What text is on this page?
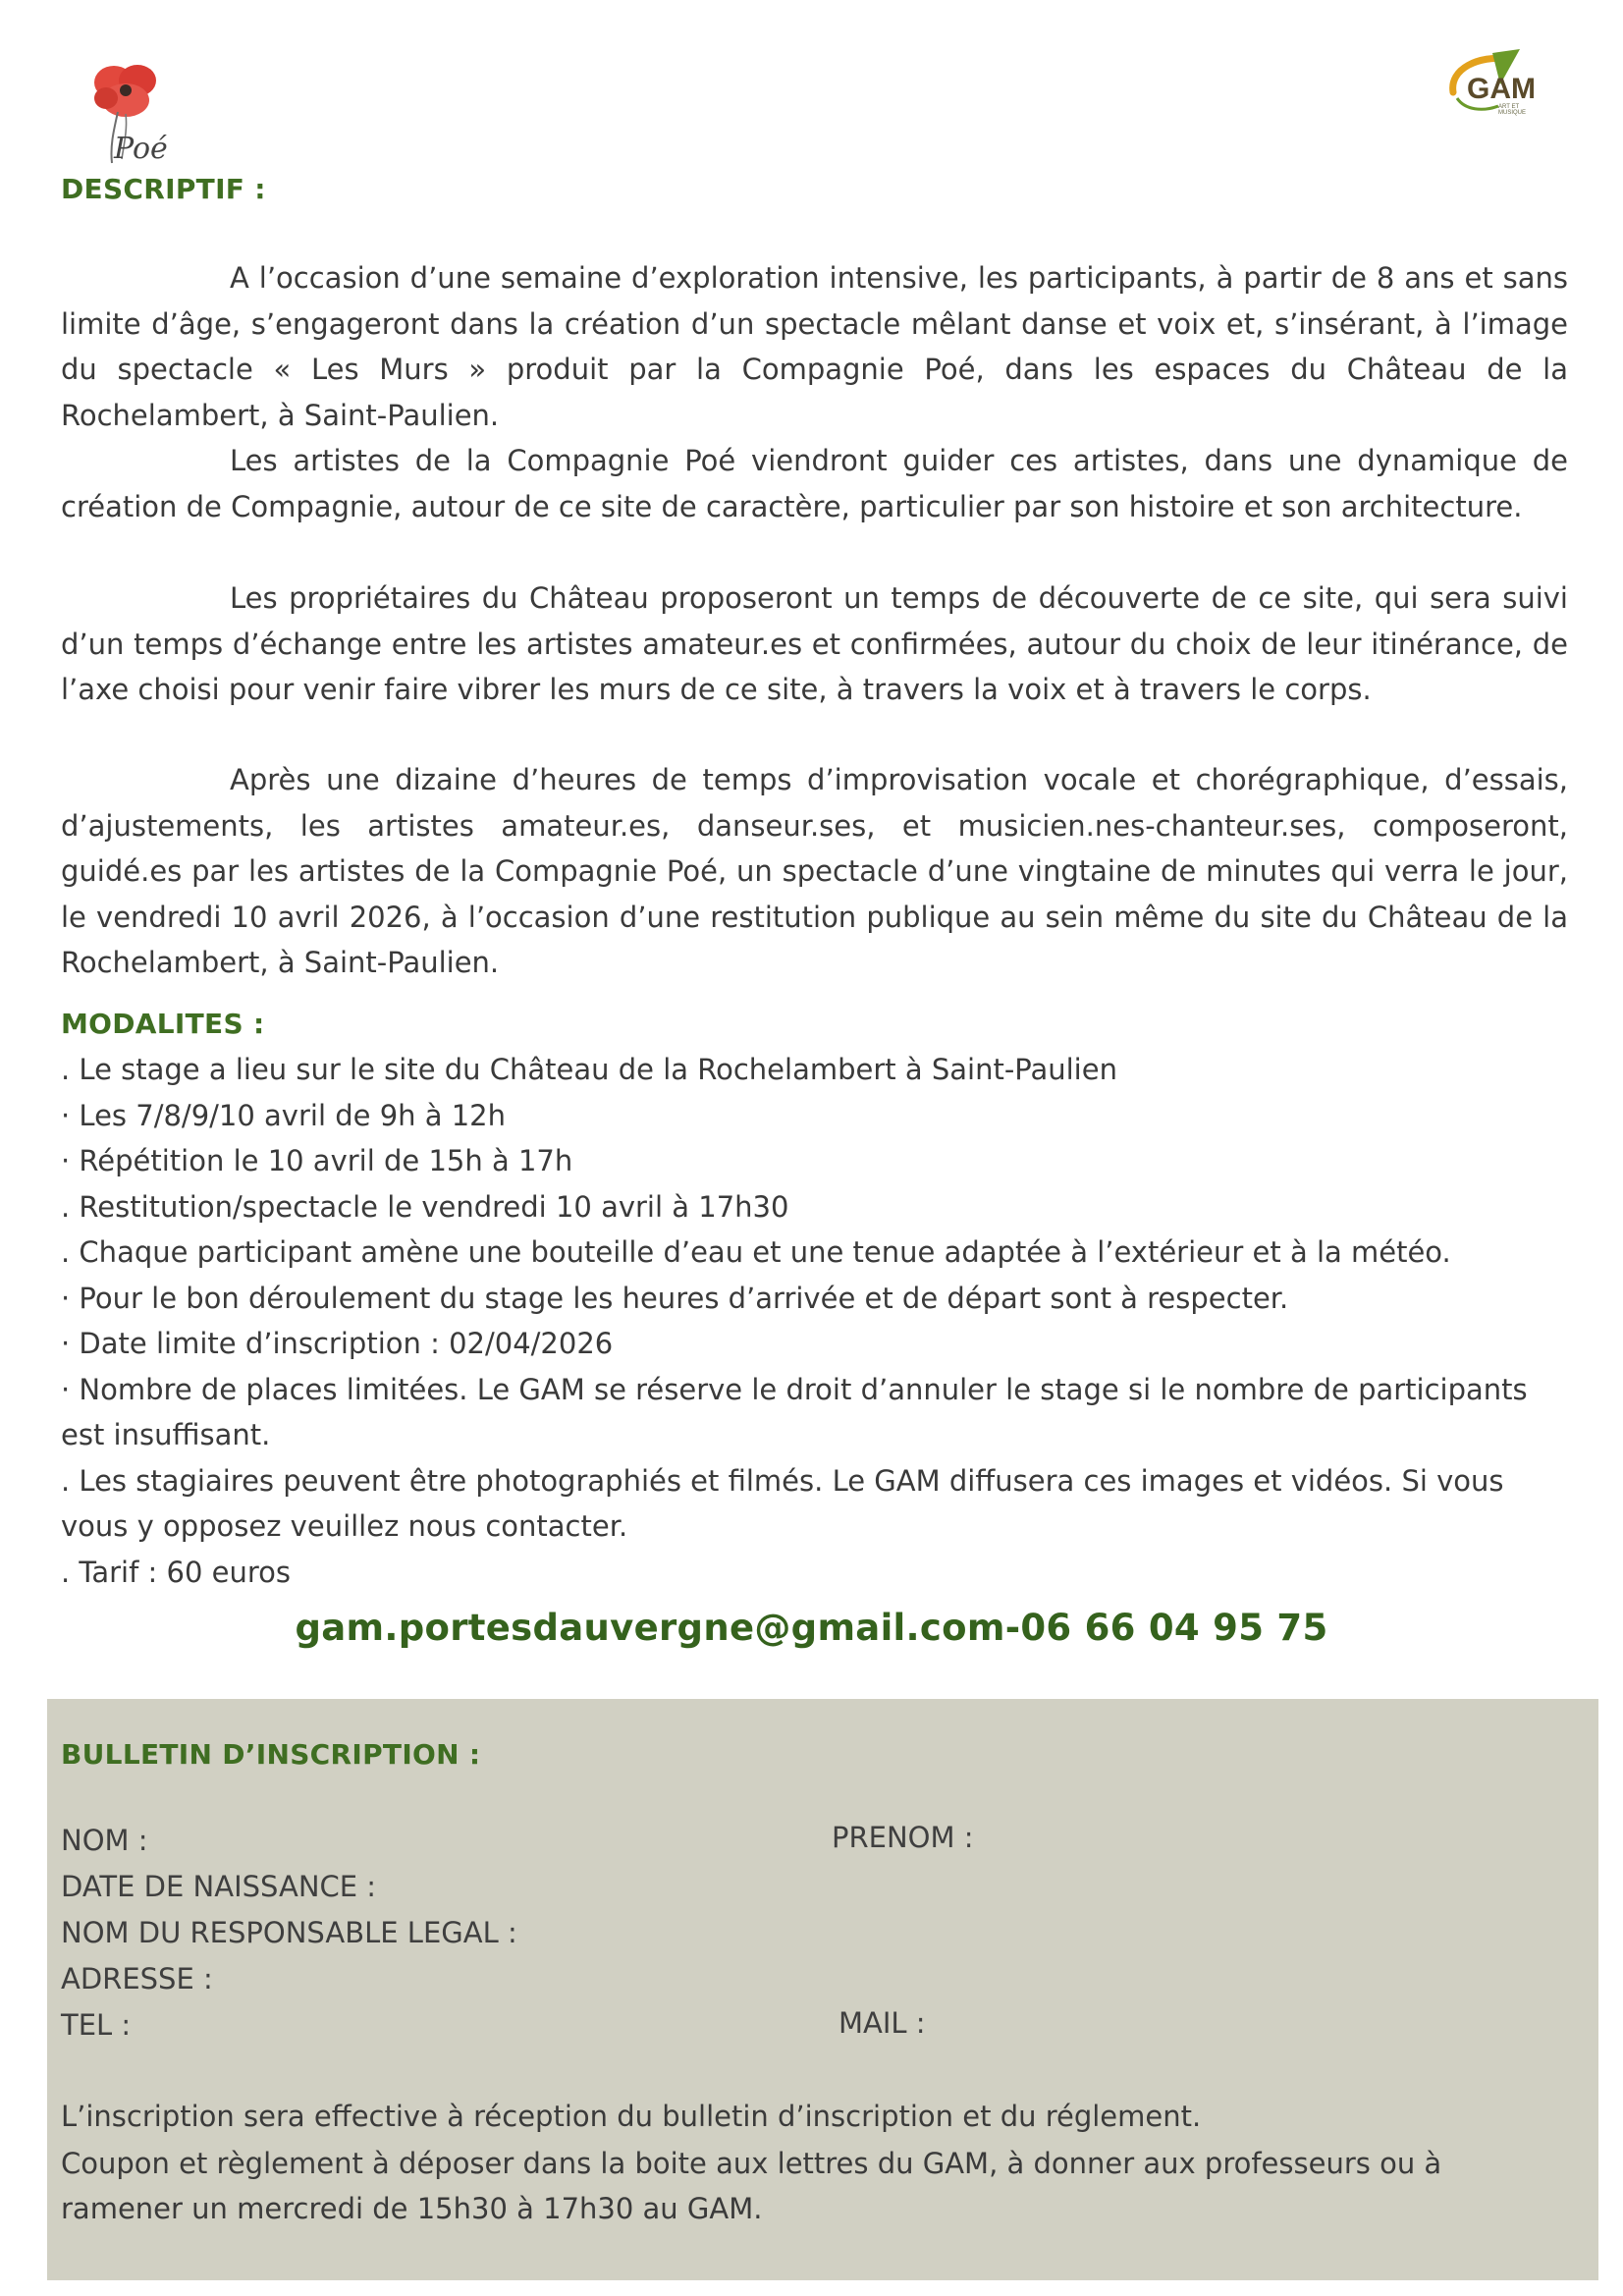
Poé
GAM
ART ET MUSIQUE
DESCRIPTIF :

A l’occasion d’une semaine d’exploration intensive, les participants, à partir de 8 ans et sans limite d’âge, s’engageront dans la création d’un spectacle mêlant danse et voix et, s’insérant, à l’image du spectacle « Les Murs » produit par la Compagnie Poé, dans les espaces du Château de la Rochelambert, à Saint-Paulien.

Les artistes de la Compagnie Poé viendront guider ces artistes, dans une dynamique de création de Compagnie, autour de ce site de caractère, particulier par son histoire et son architecture.

Les propriétaires du Château proposeront un temps de découverte de ce site, qui sera suivi d’un temps d’échange entre les artistes amateur.es et confirmées, autour du choix de leur itinérance, de l’axe choisi pour venir faire vibrer les murs de ce site, à travers la voix et à travers le corps.

Après une dizaine d’heures de temps d’improvisation vocale et chorégraphique, d’essais, d’ajustements, les artistes amateur.es, danseur.ses, et musicien.nes-chanteur.ses, composeront, guidé.es par les artistes de la Compagnie Poé, un spectacle d’une vingtaine de minutes qui verra le jour, le vendredi 10 avril 2026, à l’occasion d’une restitution publique au sein même du site du Château de la Rochelambert, à Saint-Paulien.

MODALITES :
. Le stage a lieu sur le site du Château de la Rochelambert à Saint-Paulien
· Les 7/8/9/10 avril de 9h à 12h
· Répétition le 10 avril de 15h à 17h
. Restitution/spectacle le vendredi 10 avril à 17h30
. Chaque participant amène une bouteille d’eau et une tenue adaptée à l’extérieur et à la météo.
· Pour le bon déroulement du stage les heures d’arrivée et de départ sont à respecter.
· Date limite d’inscription : 02/04/2026
· Nombre de places limitées. Le GAM se réserve le droit d’annuler le stage si le nombre de participants est insuffisant.
. Les stagiaires peuvent être photographiés et filmés. Le GAM diffusera ces images et vidéos. Si vous vous y opposez veuillez nous contacter.
. Tarif : 60 euros
gam.portesdauvergne@gmail.com-06 66 04 95 75
BULLETIN D’INSCRIPTION :
NOM :	PRENOM :
DATE DE NAISSANCE :
NOM DU RESPONSABLE LEGAL :
ADRESSE :
TEL :	MAIL :

L’inscription sera effective à réception du bulletin d’inscription et du réglement.

Coupon et règlement à déposer dans la boite aux lettres du GAM, à donner aux professeurs ou à ramener un mercredi de 15h30 à 17h30 au GAM.
